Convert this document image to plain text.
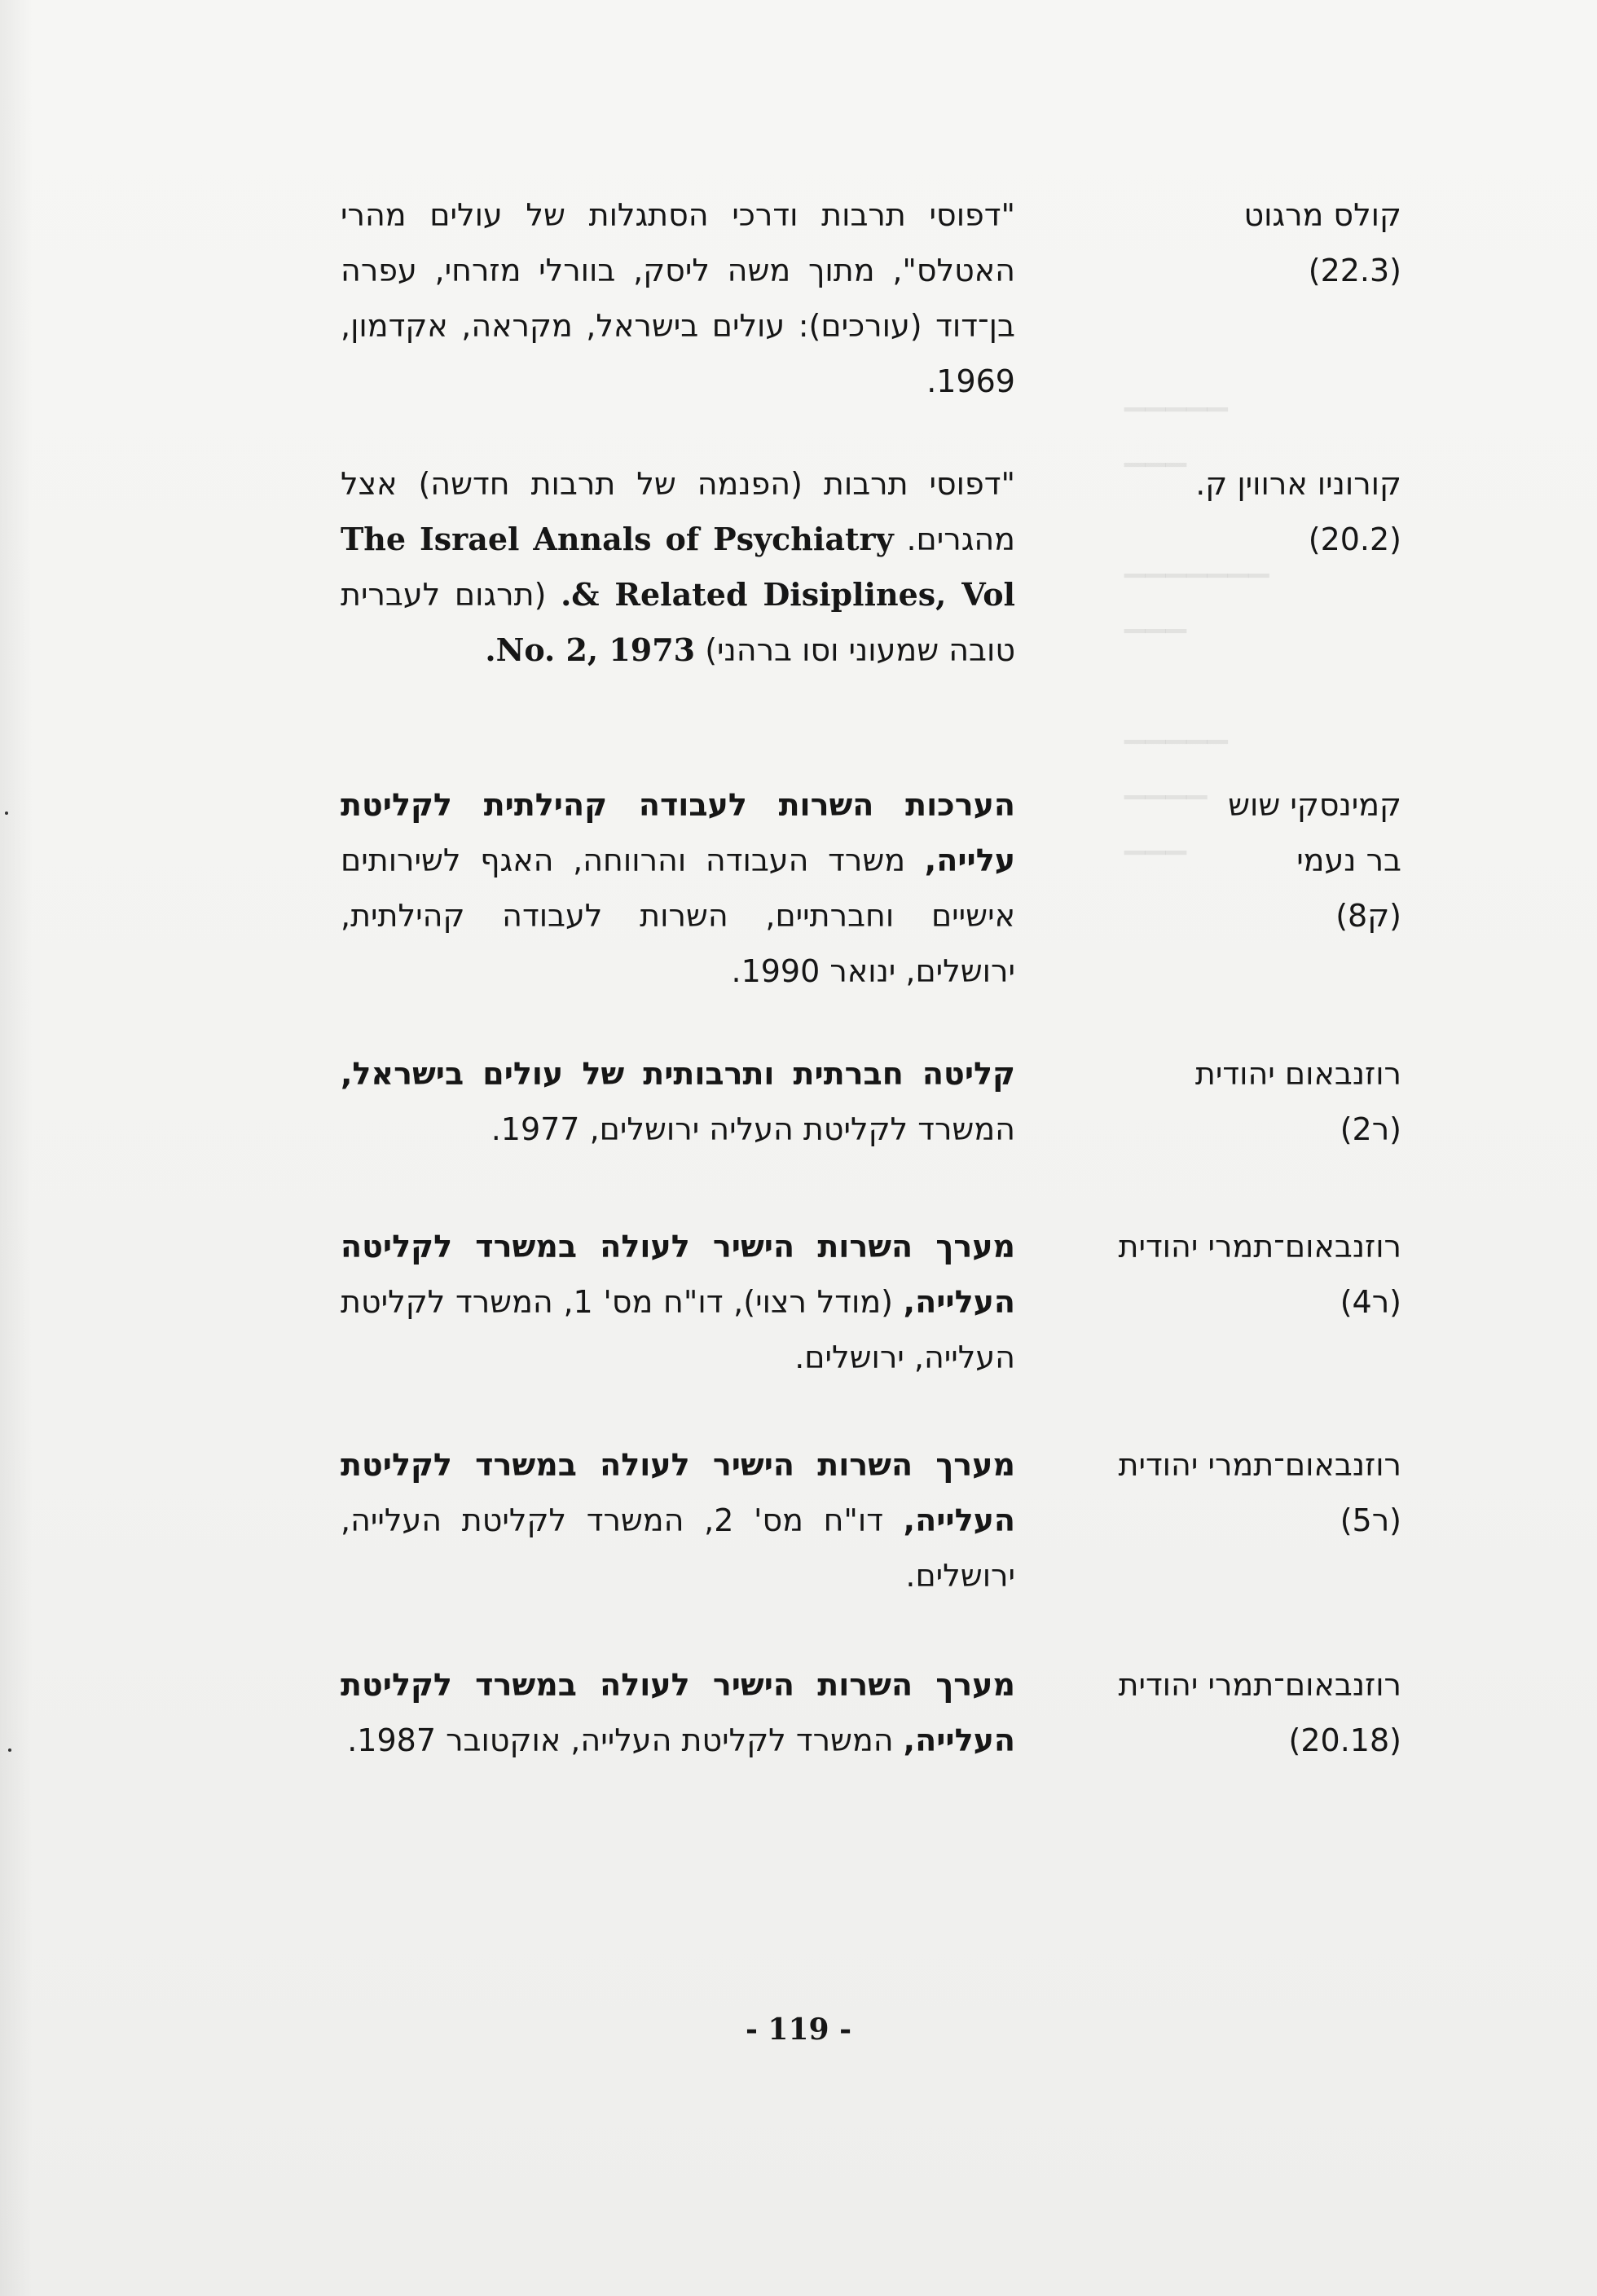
▁▁▁▁▁
▁▁▁

▁▁▁▁▁▁▁
▁▁▁

▁▁▁▁▁
▁▁▁▁
▁▁▁
קולס מרגוט
(22.3)
"דפוסי תרבות ודרכי הסתגלות של עולים מהרי האטלס", מתוך משה ליסק, בוורלי מזרחי, עפרה בן־דוד (עורכים): עולים בישראל, מקראה, אקדמון, 1969.
קורוניו ארווין ק.
(20.2)
"דפוסי תרבות (הפנמה של תרבות חדשה) אצל מהגרים. The Israel Annals of Psychiatry & Related Disiplines, Vol. (תרגום לעברית טובה שמעוני וסו ברהני) No. 2, 1973.
קמינסקי שוש
בר נעמי
(ק8)
הערכות השרות לעבודה קהילתית לקליטת עלייה, משרד העבודה והרווחה, האגף לשירותים אישיים וחברתיים, השרות לעבודה קהילתית, ירושלים, ינואר 1990.
רוזנבאום יהודית
(ר2)
קליטה חברתית ותרבותית של עולים בישראל, המשרד לקליטת העליה ירושלים, 1977.
רוזנבאום־תמרי יהודית
(ר4)
מערך השרות הישיר לעולה במשרד לקליטה העלייה, (מודל רצוי), דו"ח מס' 1, המשרד לקליטת העלייה, ירושלים.
רוזנבאום־תמרי יהודית
(ר5)
מערך השרות הישיר לעולה במשרד לקליטת העלייה, דו"ח מס' 2, המשרד לקליטת העלייה, ירושלים.
רוזנבאום־תמרי יהודית
(20.18)
מערך השרות הישיר לעולה במשרד לקליטת העלייה, המשרד לקליטת העלייה, אוקטובר 1987.
- 119 -
